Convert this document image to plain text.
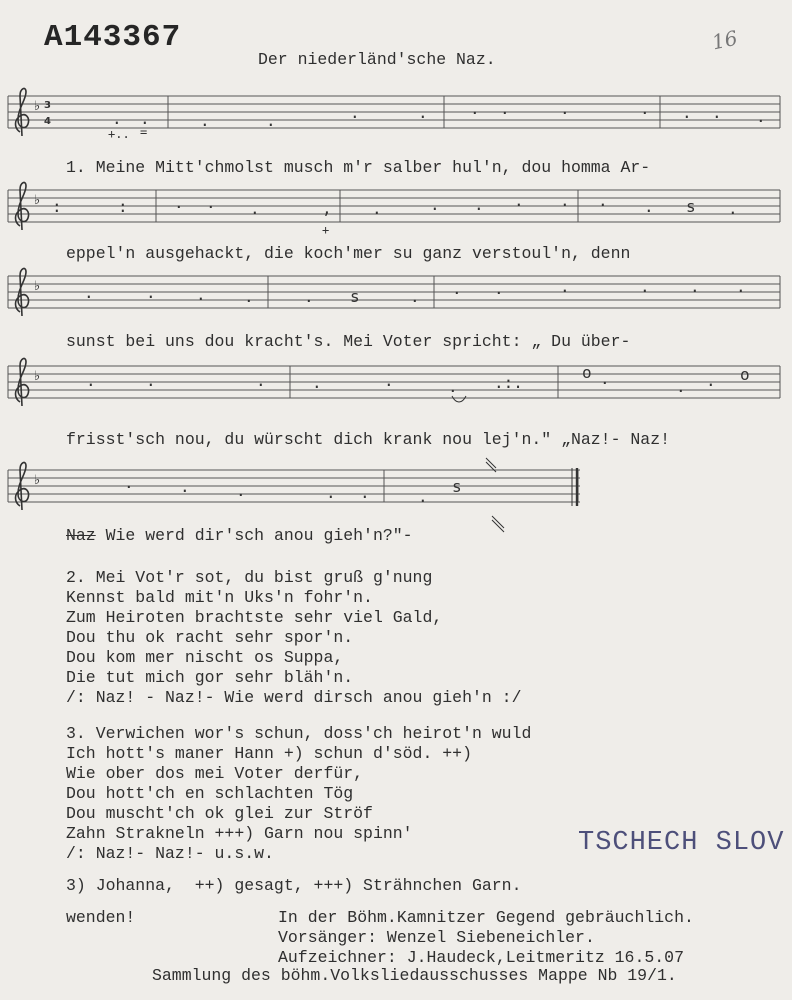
A143367	16
Der niederländ'sche Naz.
♭
♭
♭
♭
♭
3
4	. .	.	.	.	.	. .	.	. . . .
+.. =
:	:	. . .	,	.	. . . . . . s .
+
.	.	. .	. s	. . .	.	.	. .
.	.	.	.	.	. .:.
o .	. . o
.	.	.	. .	.
s
1. Meine Mitt'chmolst musch m'r salber hul'n, dou homma Ar-
eppel'n ausgehackt, die koch'mer su ganz verstoul'n, denn
sunst bei uns dou kracht's. Mei Voter spricht: „ Du über-
frisst'sch nou, du würscht dich krank nou lej'n." „Naz!- Naz!
Naz Wie werd dir'sch anou gieh'n?"-
2. Mei Vot'r sot, du bist gruß g'nung
Kennst bald mit'n Uks'n fohr'n.
Zum Heiroten brachtste sehr viel Gald,
Dou thu ok racht sehr spor'n.
Dou kom mer nischt os Suppa,
Die tut mich gor sehr bläh'n.
/: Naz! - Naz!- Wie werd dirsch anou gieh'n :/
3. Verwichen wor's schun, doss'ch heirot'n wuld
Ich hott's maner Hann +) schun d'söd. ++)
Wie ober dos mei Voter derfür,
Dou hott'ch en schlachten Tög
Dou muscht'ch ok glei zur Ströf
Zahn Strakneln +++) Garn nou spinn'
/: Naz!- Naz!- u.s.w.	TSCHECH SLOV
3) Johanna,  ++) gesagt, +++) Strähnchen Garn.
wenden!	In der Böhm.Kamnitzer Gegend gebräuchlich.
Vorsänger: Wenzel Siebeneichler.
Aufzeichner: J.Haudeck,Leitmeritz 16.5.07
Sammlung des böhm.Volksliedausschusses Mappe Nb 19/1.
